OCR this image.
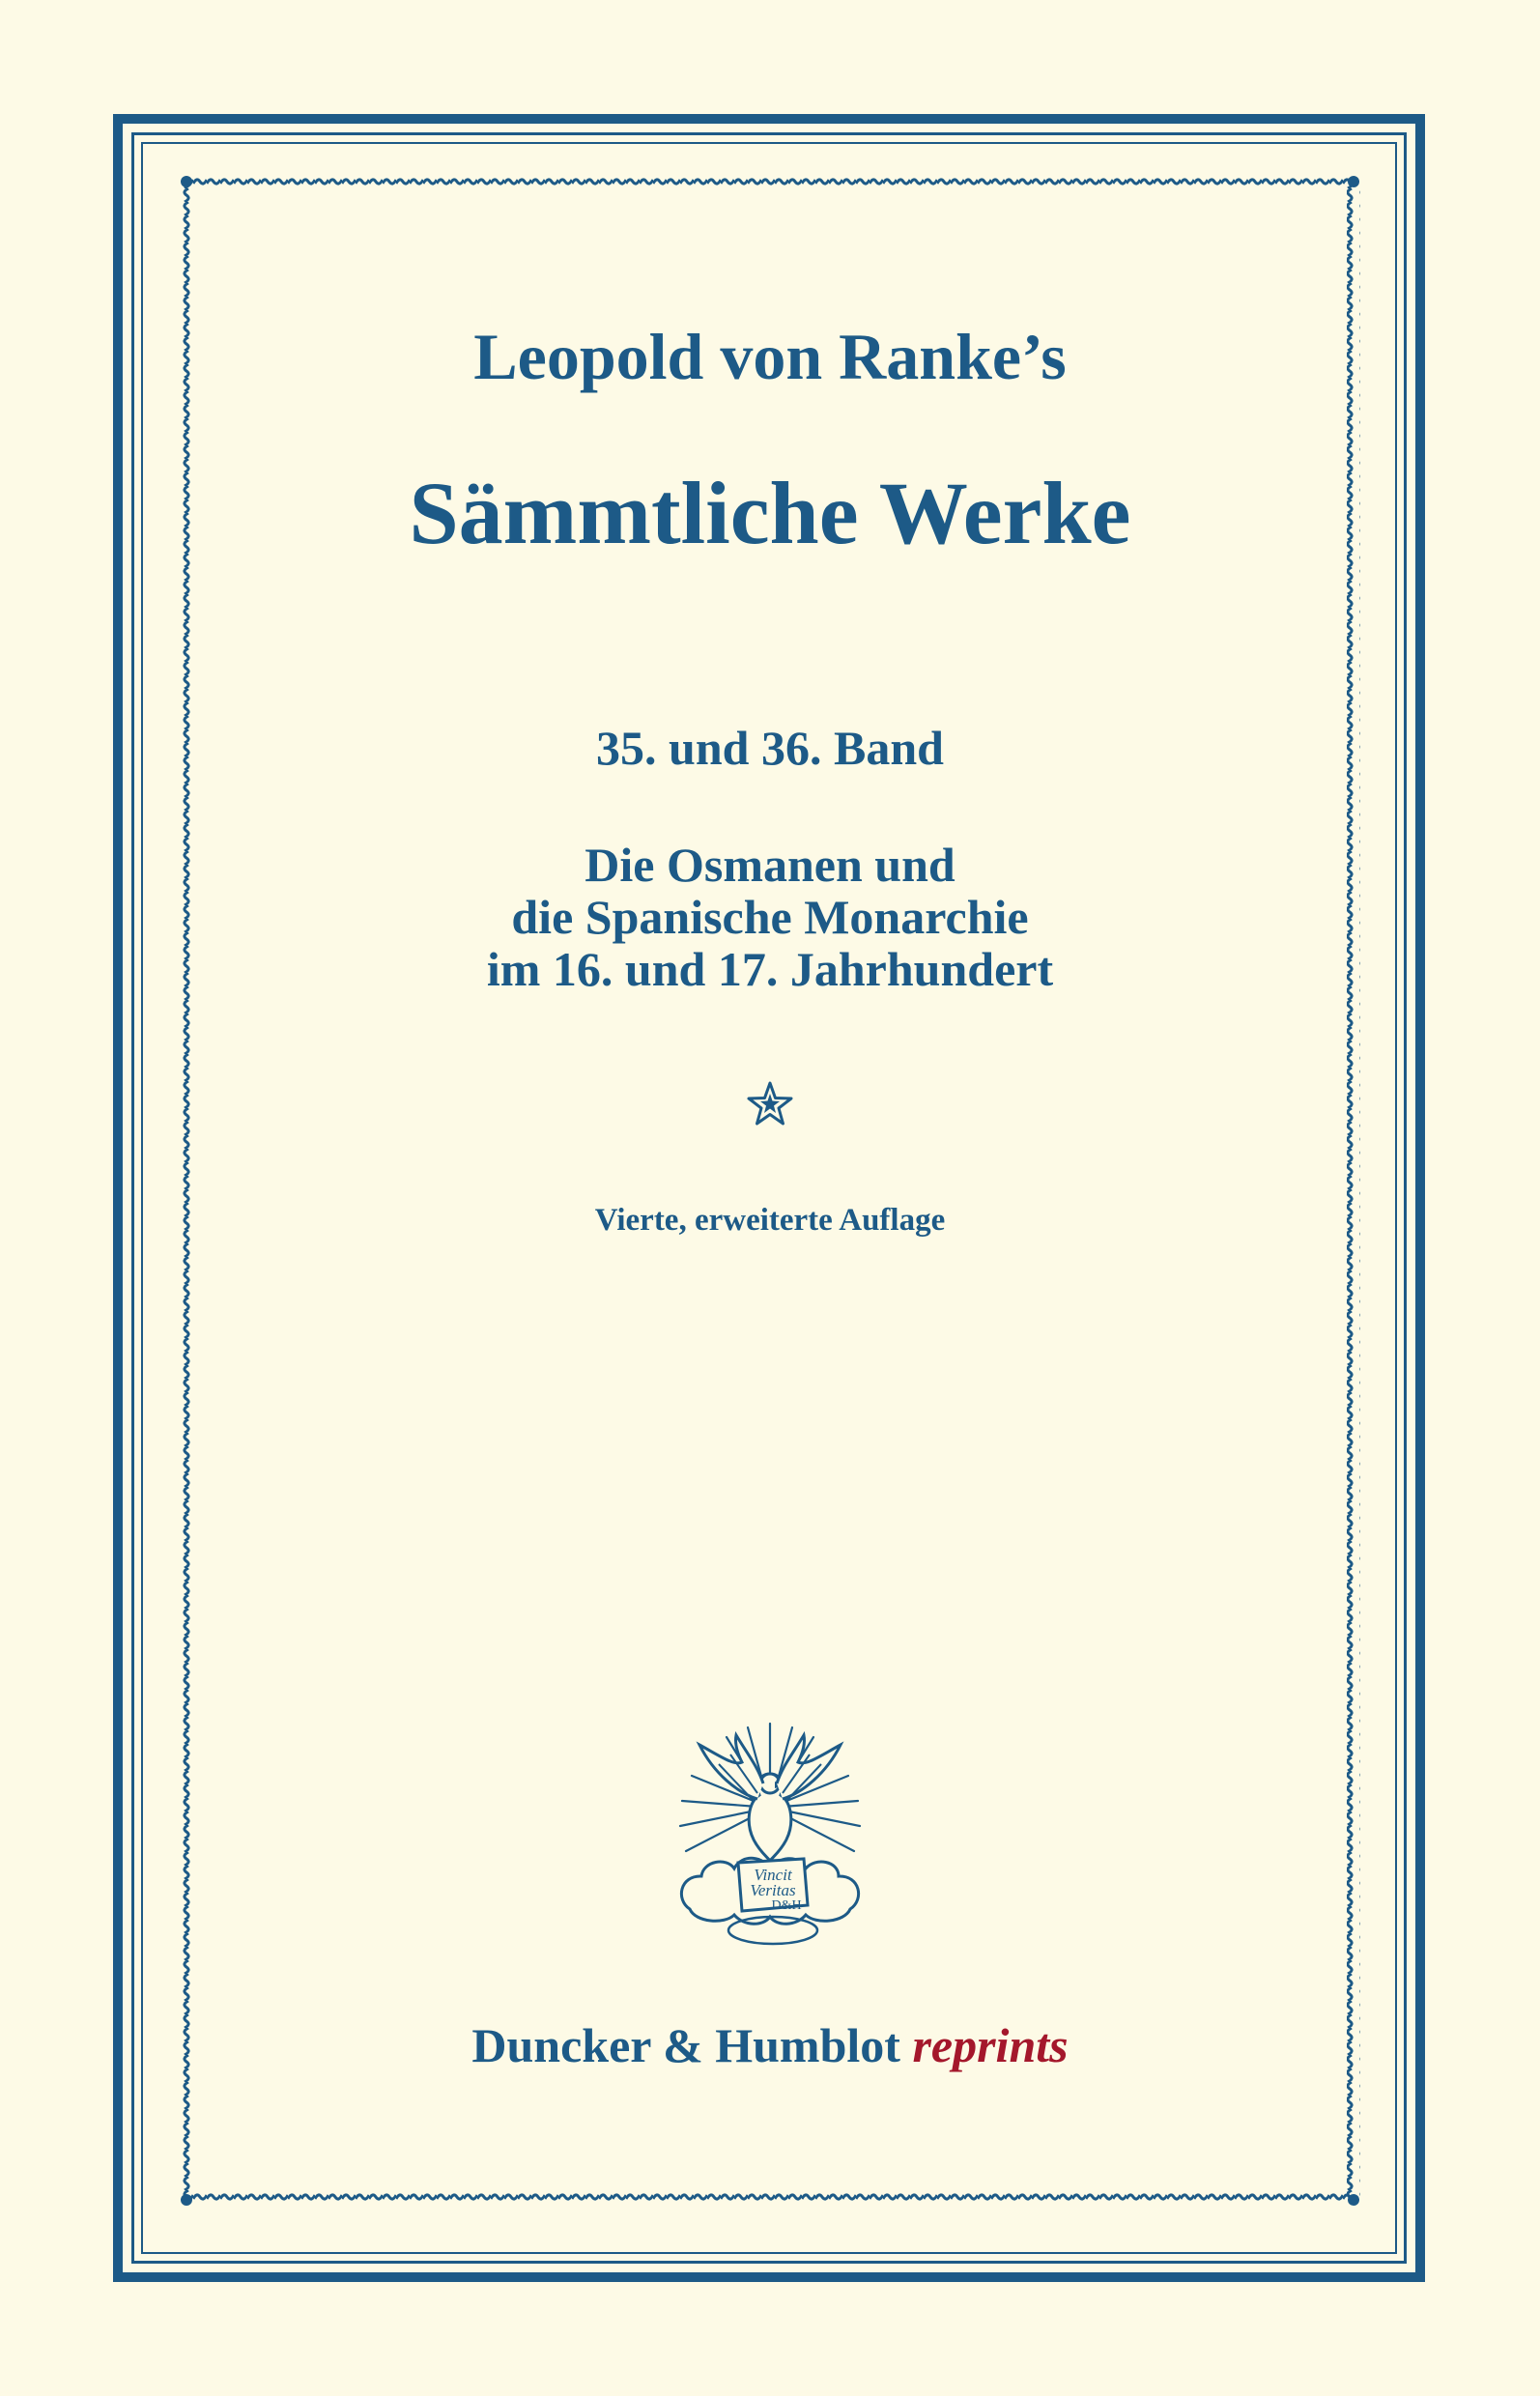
Leopold von Ranke’s
Sämmtliche Werke
35. und 36. Band
Die Osmanen und
die Spanische Monarchie
im 16. und 17. Jahrhundert
Vierte, erweiterte Auflage
Vincit
Veritas
D&H
Duncker & Humblot reprints
